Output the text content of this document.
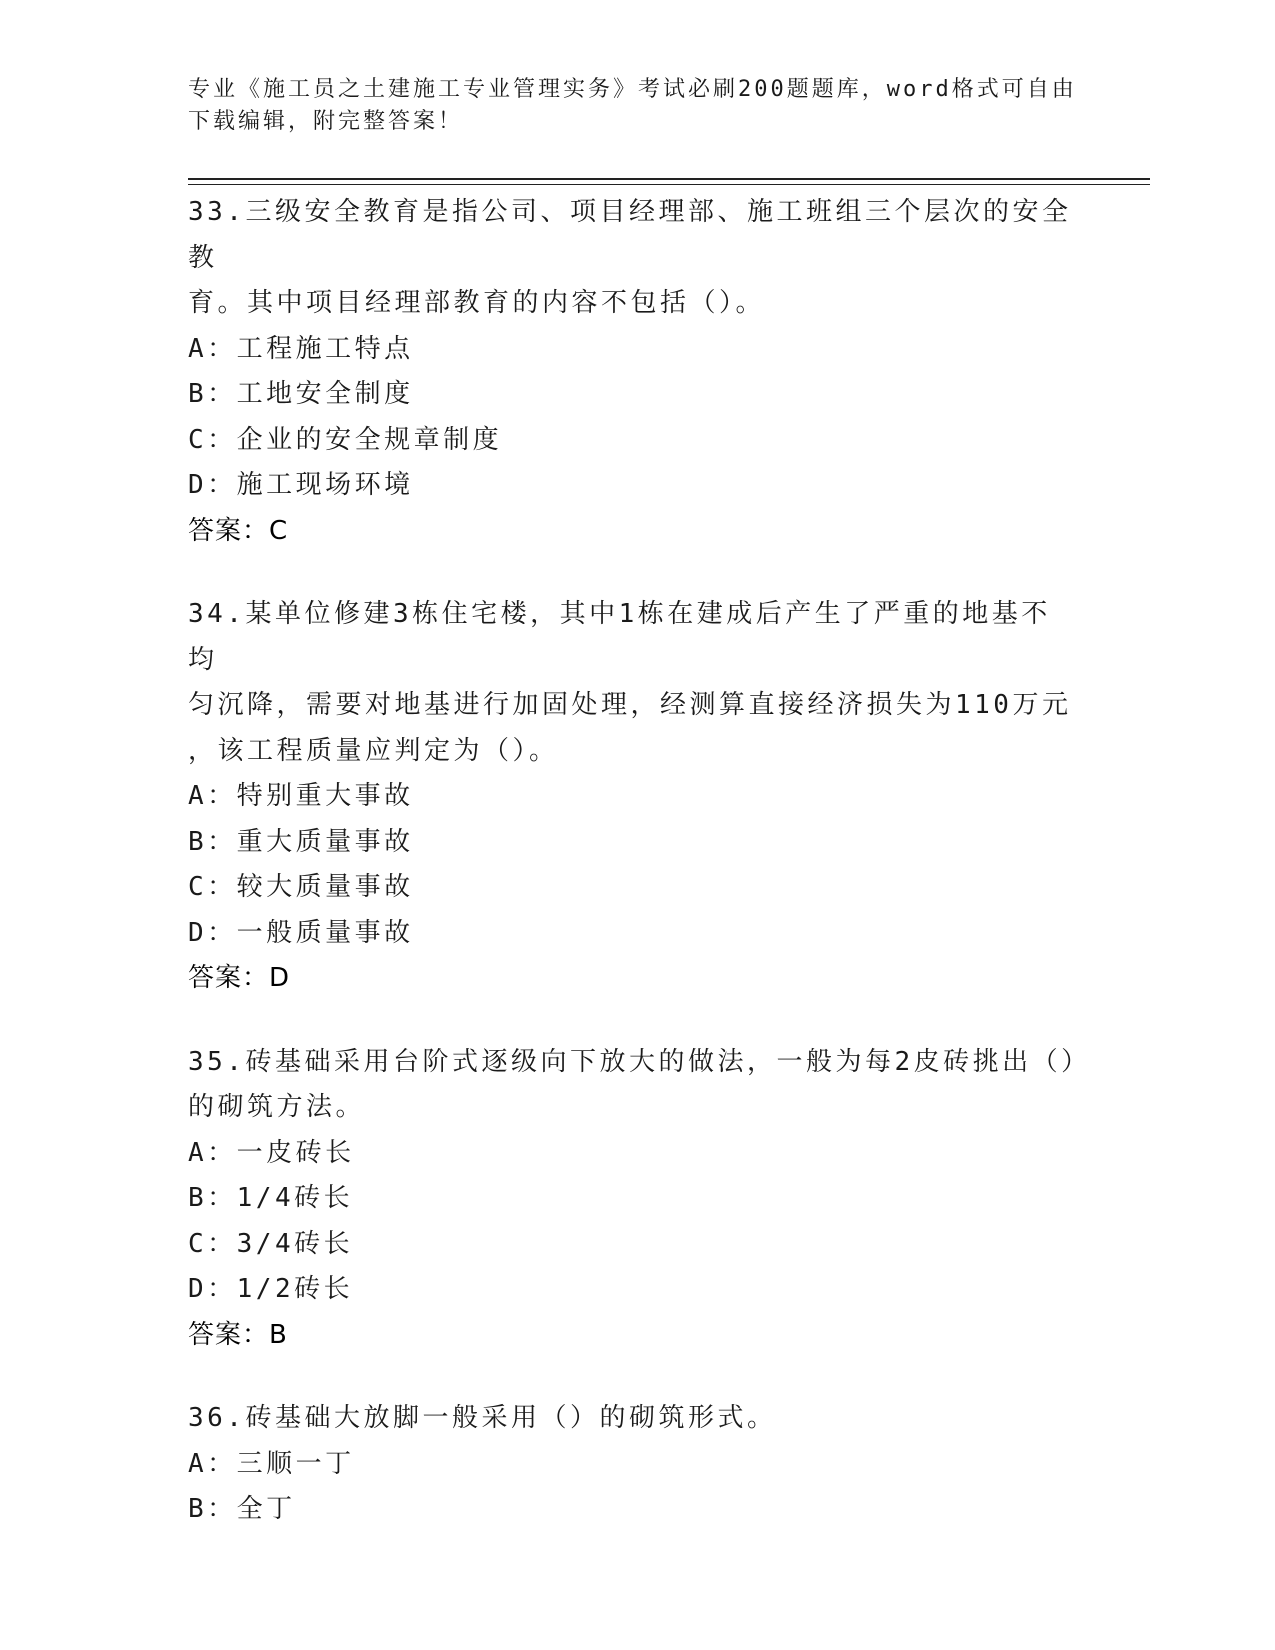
专业《施工员之土建施工专业管理实务》考试必刷200题题库，word格式可自由
下载编辑，附完整答案！
33.三级安全教育是指公司、项目经理部、施工班组三个层次的安全教
育。其中项目经理部教育的内容不包括（）。
A：工程施工特点
B：工地安全制度
C：企业的安全规章制度
D：施工现场环境
答案：C
34.某单位修建3栋住宅楼，其中1栋在建成后产生了严重的地基不均
匀沉降，需要对地基进行加固处理，经测算直接经济损失为110万元
，该工程质量应判定为（）。
A：特别重大事故
B：重大质量事故
C：较大质量事故
D：一般质量事故
答案：D
35.砖基础采用台阶式逐级向下放大的做法，一般为每2皮砖挑出（）
的砌筑方法。
A：一皮砖长
B：1/4砖长
C：3/4砖长
D：1/2砖长
答案：B
36.砖基础大放脚一般采用（）的砌筑形式。
A：三顺一丁
B：全丁
